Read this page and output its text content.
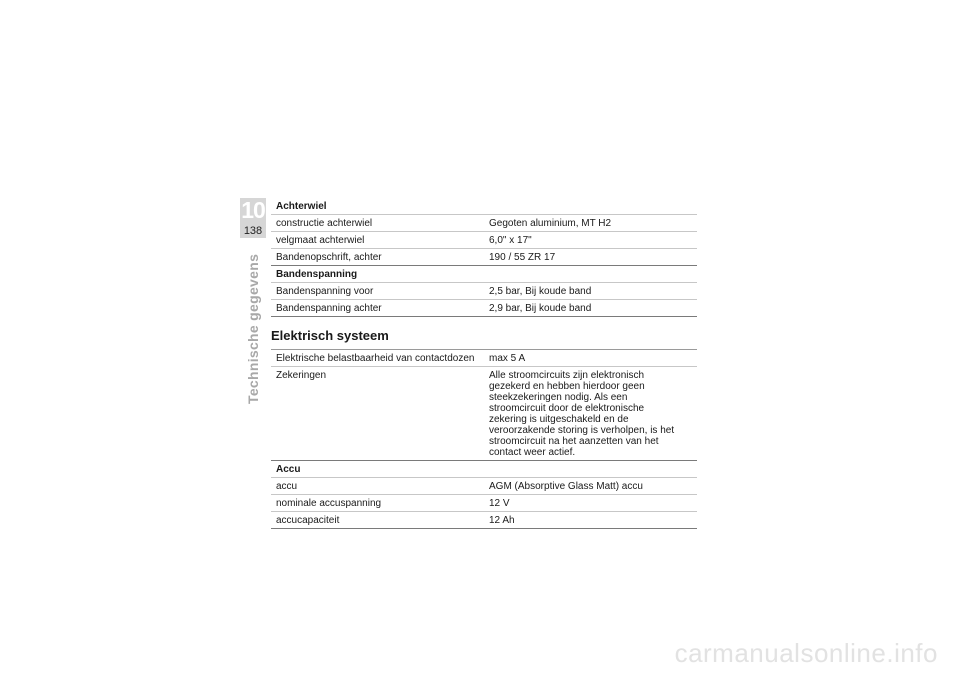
10
138
Technische gegevens
Achterwiel
constructie achterwiel	Gegoten aluminium, MT H2
velgmaat achterwiel	6,0" x 17"
Bandenopschrift, achter	190 / 55 ZR 17
Bandenspanning
Bandenspanning voor	2,5 bar, Bij koude band
Bandenspanning achter	2,9 bar, Bij koude band
Elektrisch systeem
Elektrische belastbaarheid van contactdozen	max 5 A
Zekeringen	Alle stroomcircuits zijn elektronisch gezekerd en hebben hierdoor geen steekzekeringen nodig. Als een stroomcircuit door de elektronische zekering is uitgeschakeld en de veroorzakende storing is verholpen, is het stroomcircuit na het aanzetten van het contact weer actief.
Accu
accu	AGM (Absorptive Glass Matt) accu
nominale accuspanning	12 V
accucapaciteit	12 Ah
carmanualsonline.info
